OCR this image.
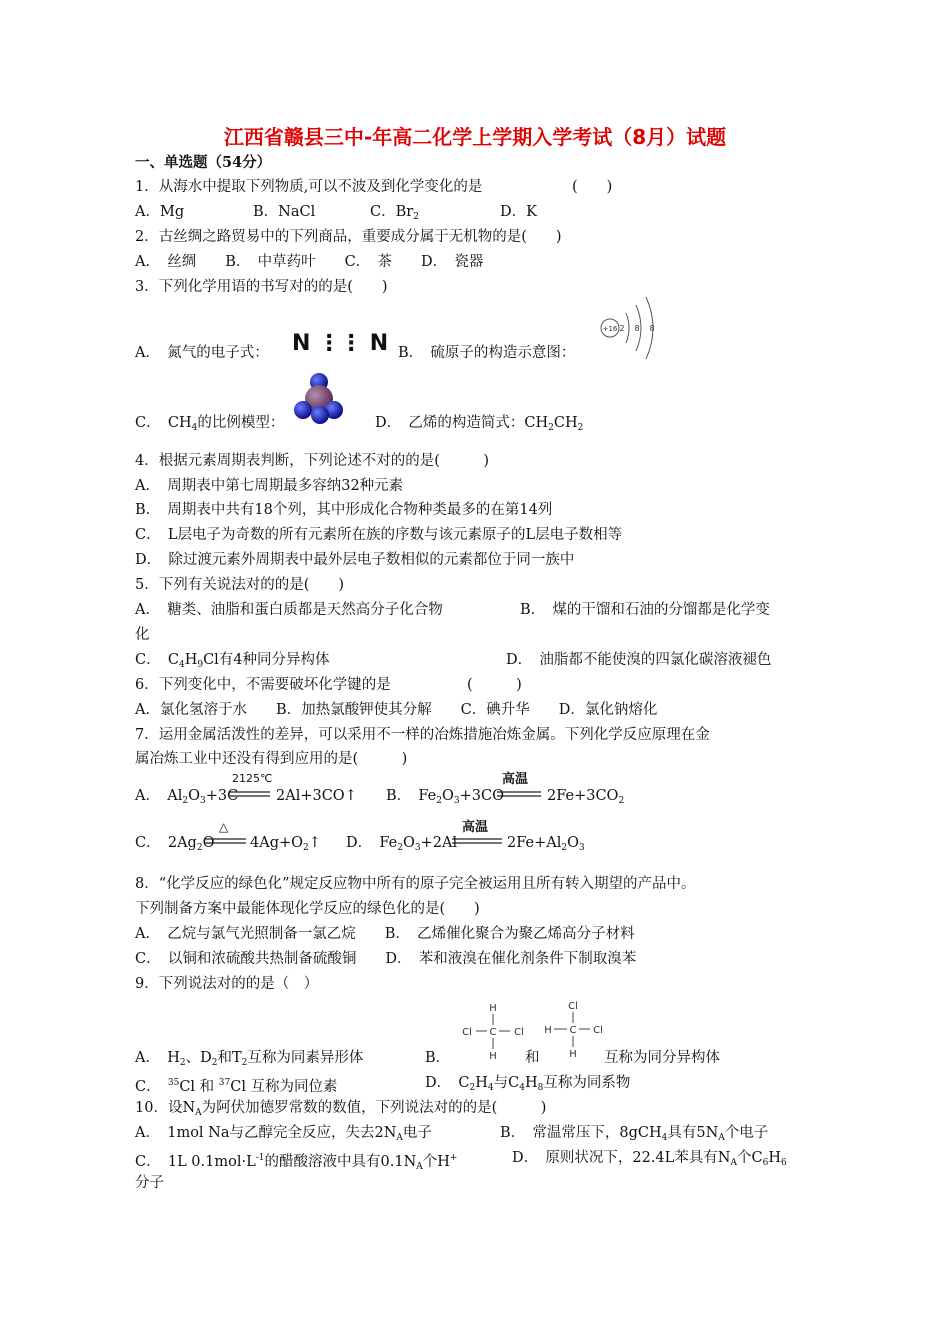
江西省赣县三中-年高二化学上学期入学考试（8月）试题
一、单选题（54分）
1．从海水中提取下列物质,可以不波及到化学变化的是	(　　)
A．Mg	B．NaCl	C．$Br_2$	D．K
2．古丝绸之路贸易中的下列商品，重要成分属于无机物的是(　　)
A．　丝绸　　B．　中草药叶　　C．　茶　　D．　瓷器
3．下列化学用语的书写对的的是(　　)
A．　氮气的电子式： N ⋮⋮ N B．　硫原子的构造示意图：
+16 2 8 8
C．　$CH_4$的比例模型：	D．　乙烯的构造简式：$CH_2CH_2$
4．根据元素周期表判断，下列论述不对的的是(　　　)
A．　周期表中第七周期最多容纳32种元素
B．　周期表中共有18个列，其中形成化合物种类最多的在第14列
C．　L层电子为奇数的所有元素所在族的序数与该元素原子的L层电子数相等
D．　除过渡元素外周期表中最外层电子数相似的元素都位于同一族中
5．下列有关说法对的的是(　　)
A．　糖类、油脂和蛋白质都是天然高分子化合物	B．　煤的干馏和石油的分馏都是化学变
化
C．　$C_4H_9Cl$有4种同分异构体	D．　油脂都不能使溴的四氯化碳溶液褪色
6．下列变化中，不需要破坏化学键的是	(　　　)
A．氯化氢溶于水　　B．加热氯酸钾使其分解　　C．碘升华　　D．氯化钠熔化
7．运用金属活泼性的差异，可以采用不一样的冶炼措施冶炼金属。下列化学反应原理在金
属冶炼工业中还没有得到应用的是(　　　)
A．　$Al_2O_3+3C$
2125℃
2Al+3CO↑ B．　$Fe_2O_3+3CO$
高温
$2Fe+3CO_2$
C．　$2Ag_2O$
△
$4Ag+O_2↑$ D．　$Fe_2O_3+2Al$
高温
$2Fe+Al_2O_3$
8．“化学反应的绿色化”规定反应物中所有的原子完全被运用且所有转入期望的产品中。
下列制备方案中最能体现化学反应的绿色化的是(　　)
A．　乙烷与氯气光照制备一氯乙烷　　B．　乙烯催化聚合为聚乙烯高分子材料
C．　以铜和浓硫酸共热制备硫酸铜　　D．　苯和液溴在催化剂条件下制取溴苯
9．下列说法对的的是（　）
H
Cl C Cl
H
Cl
H C Cl
H
A．　$H_2$、$D_2$和$T_2$互称为同素异形体	B．	和	互称为同分异构体
C．　$^{35}$Cl 和 $^{37}$Cl 互称为同位素	D．　$C_2H_4$与$C_4H_8$互称为同系物
10．设$N_A$为阿伏加德罗常数的数值，下列说法对的的是(　　　)
A．　1mol Na与乙醇完全反应，失去$2N_A$电子	B．　常温常压下，8gCH$_4$具有$5N_A$个电子
C．　1L $0.1mol\cdot L^{-1}$的醋酸溶液中具有$0.1N_A$个H+	D．　原则状况下，22.4L苯具有$N_A$个$C_6H_6$
分子
